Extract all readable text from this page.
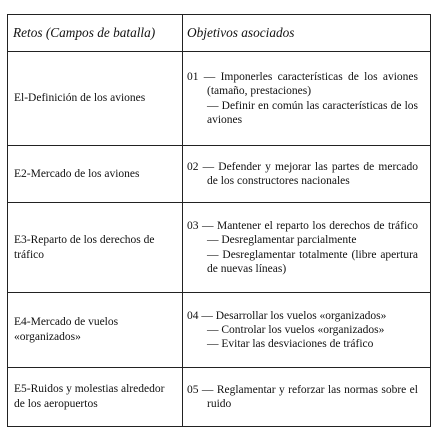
Retos (Campos de batalla)	Objetivos asociados
El-Definición de los aviones	01 — Imponerles características de los aviones (tamaño, prestaciones)
— Definir en común las características de los aviones

E2-Mercado de los aviones	02 — Defender y mejorar las partes de mercado de los constructores nacionales

E3-Reparto de los derechos de tráfico	03 — Mantener el reparto los derechos de tráfico — Desreglamentar parcialmente
— Desreglamentar totalmente (libre apertura de nuevas líneas)

E4-Mercado de vuelos «organizados»	04 — Desarrollar los vuelos «organizados»
— Controlar los vuelos «organizados»
— Evitar las desviaciones de tráfico

E5-Ruidos y molestias alrededor de los aeropuertos	05 — Reglamentar y reforzar las normas sobre el ruido
